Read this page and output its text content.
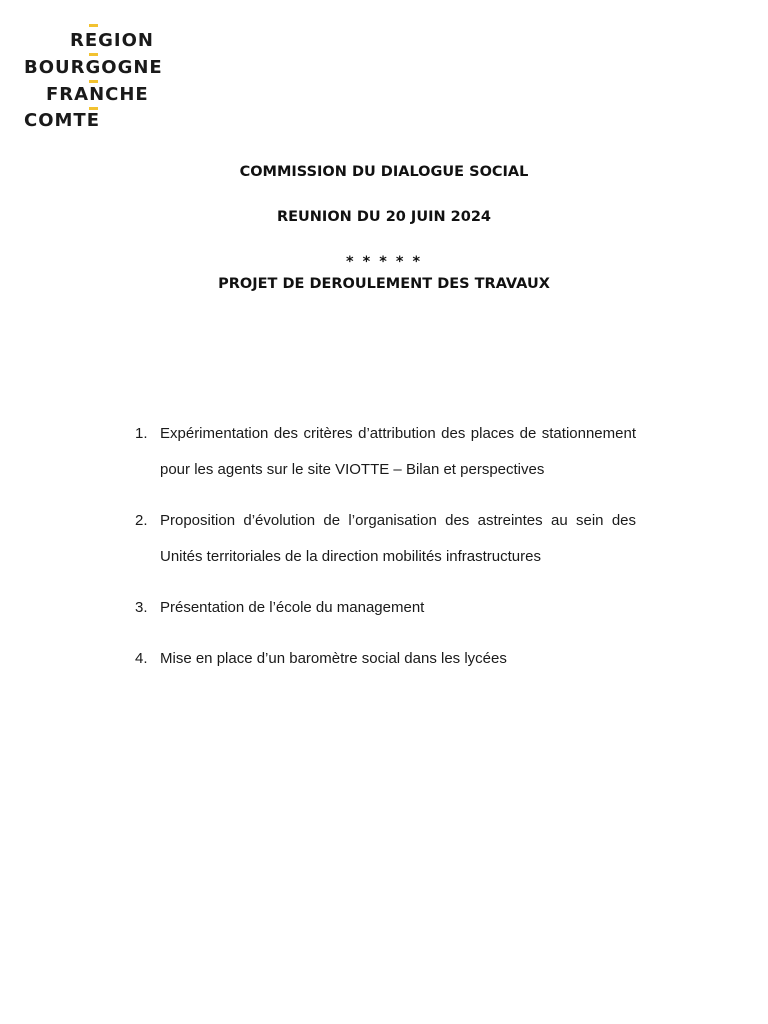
REGION
BOURGOGNE
FRANCHE
COMTE
COMMISSION DU DIALOGUE SOCIAL
REUNION DU 20 JUIN 2024
* * * * *
PROJET DE DEROULEMENT DES TRAVAUX
1. Expérimentation des critères d’attribution des places de stationnement pour les agents sur le site VIOTTE – Bilan et perspectives
2. Proposition d’évolution de l’organisation des astreintes au sein des Unités territoriales de la direction mobilités infrastructures
3. Présentation de l’école du management
4. Mise en place d’un baromètre social dans les lycées
